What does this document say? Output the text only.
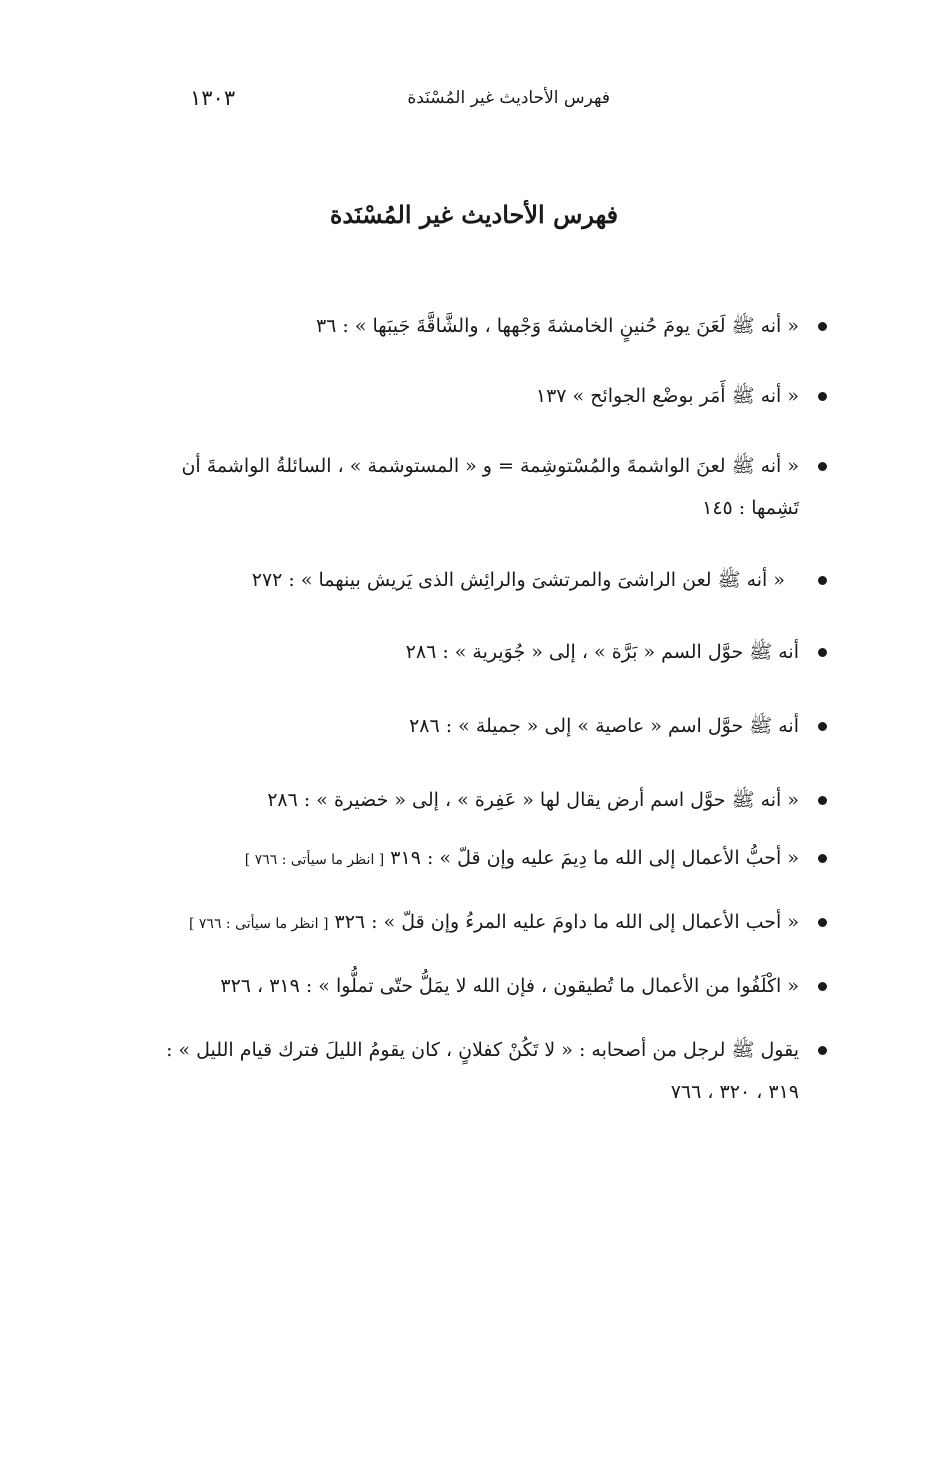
فهرس الأحاديث غير المُسْنَدة
١٣٠٣
فهرس الأحاديث غير المُسْنَدة
« أنه ﷺ لَعَنَ يومَ حُنينٍ الخامشةَ وَجْهها ، والشَّاقَّةَ جَيبَها » : ٣٦
« أنه ﷺ أَمَر بوضْع الجوائح » ١٣٧
« أنه ﷺ لعنَ الواشمةَ والمُسْتوشِمة = و « المستوشمة » ، السائلةُ الواشمةَ أن تَشِمها : ١٤٥
« أنه ﷺ لعن الراشىَ والمرتشىَ والرائِش الذى يَريش بينهما » : ٢٧٢
أنه ﷺ حوَّل السم « بَرَّة » ، إلى « جُوَيرية » : ٢٨٦
أنه ﷺ حوَّل اسم « عاصية » إلى « جميلة » : ٢٨٦
« أنه ﷺ حوَّل اسم أرض يقال لها « عَفِرة » ، إلى « خضيرة » : ٢٨٦
« أحبُّ الأعمال إلى الله ما دِيمَ عليه وإن قلّ » : ٣١٩ [ انظر ما سيأتى : ٧٦٦ ]
« أحب الأعمال إلى الله ما داومَ عليه المرءُ وإن قلّ » : ٣٢٦ [ انظر ما سيأتى : ٧٦٦ ]
« اكْلَفُوا من الأعمال ما تُطيقون ، فإن الله لا يمَلُّ حتّى تملُّوا » : ٣١٩ ، ٣٢٦
يقول ﷺ لرجل من أصحابه : « لا تَكُنْ كفلانٍ ، كان يقومُ الليلَ فترك قيام الليل » : ٣١٩ ، ٣٢٠ ، ٧٦٦
